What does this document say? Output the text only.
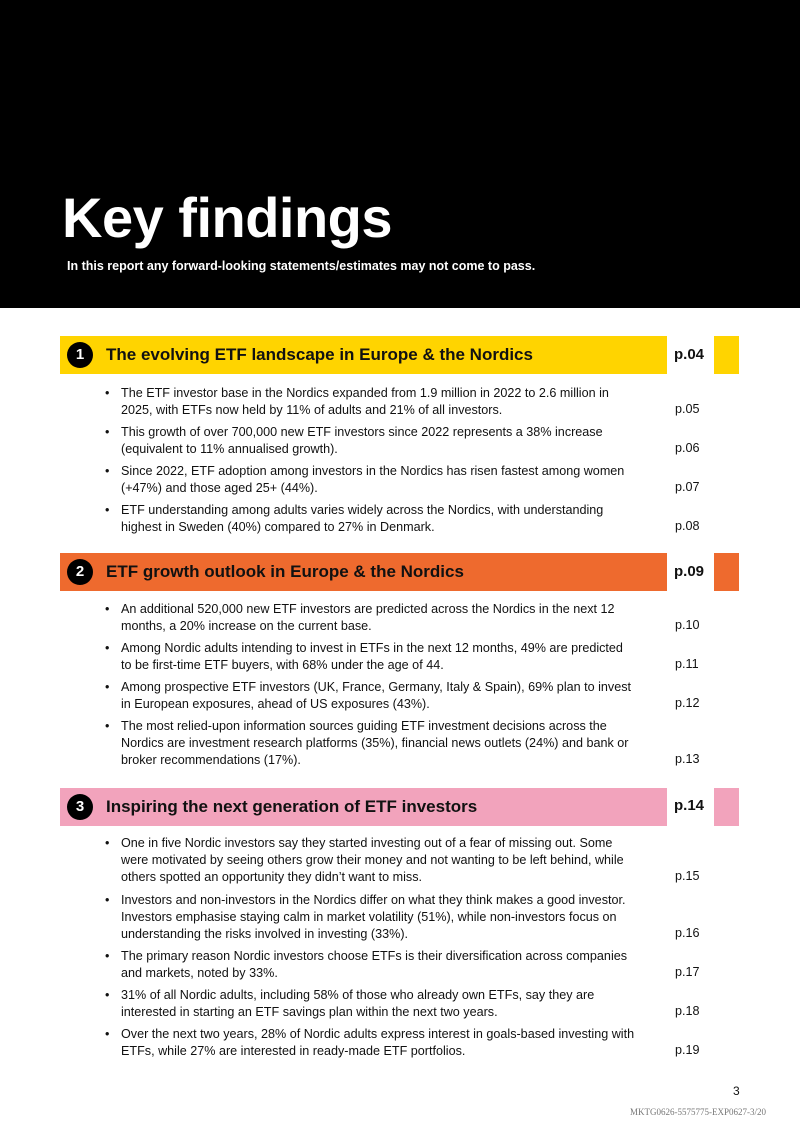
Key findings
In this report any forward-looking statements/estimates may not come to pass.
1	The evolving ETF landscape in Europe & the Nordics	p.04
• The ETF investor base in the Nordics expanded from 1.9 million in 2022 to 2.6 million in 2025, with ETFs now held by 11% of adults and 21% of all investors.	p.05
• This growth of over 700,000 new ETF investors since 2022 represents a 38% increase (equivalent to 11% annualised growth).	p.06
• Since 2022, ETF adoption among investors in the Nordics has risen fastest among women (+47%) and those aged 25+ (44%).	p.07
• ETF understanding among adults varies widely across the Nordics, with understanding highest in Sweden (40%) compared to 27% in Denmark.	p.08
2	ETF growth outlook in Europe & the Nordics	p.09
• An additional 520,000 new ETF investors are predicted across the Nordics in the next 12 months, a 20% increase on the current base.	p.10
• Among Nordic adults intending to invest in ETFs in the next 12 months, 49% are predicted to be first-time ETF buyers, with 68% under the age of 44.	p.11
• Among prospective ETF investors (UK, France, Germany, Italy & Spain), 69% plan to invest in European exposures, ahead of US exposures (43%).	p.12
• The most relied-upon information sources guiding ETF investment decisions across the Nordics are investment research platforms (35%), financial news outlets (24%) and bank or broker recommendations (17%).	p.13
3	Inspiring the next generation of ETF investors	p.14
• One in five Nordic investors say they started investing out of a fear of missing out. Some were motivated by seeing others grow their money and not wanting to be left behind, while others spotted an opportunity they didn’t want to miss.	p.15
• Investors and non-investors in the Nordics differ on what they think makes a good investor. Investors emphasise staying calm in market volatility (51%), while non-investors focus on understanding the risks involved in investing (33%).	p.16
• The primary reason Nordic investors choose ETFs is their diversification across companies and markets, noted by 33%.	p.17
• 31% of all Nordic adults, including 58% of those who already own ETFs, say they are interested in starting an ETF savings plan within the next two years.	p.18
• Over the next two years, 28% of Nordic adults express interest in goals-based investing with ETFs, while 27% are interested in ready-made ETF portfolios.	p.19
3
MKTG0626-5575775-EXP0627-3/20
